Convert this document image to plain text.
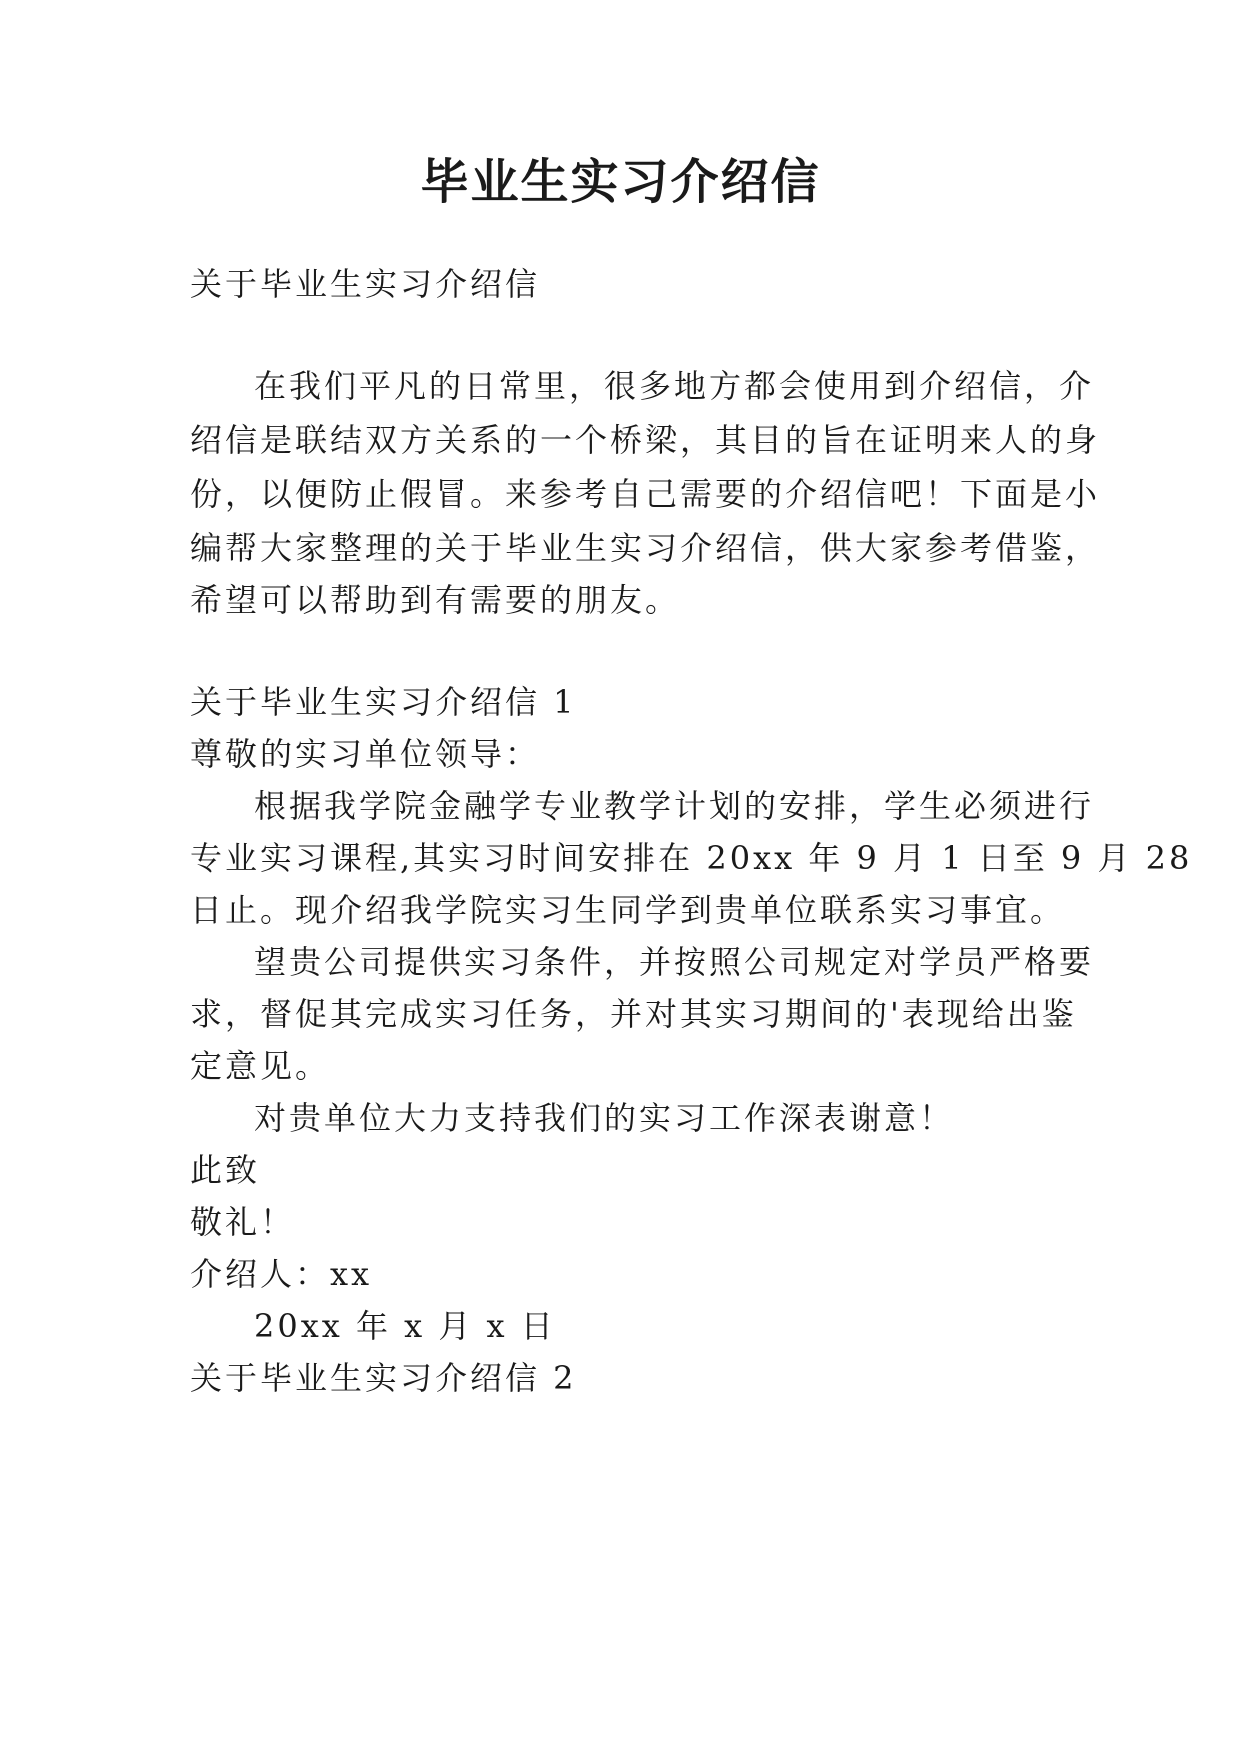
毕业生实习介绍信
关于毕业生实习介绍信
在我们平凡的日常里，很多地方都会使用到介绍信，介
绍信是联结双方关系的一个桥梁，其目的旨在证明来人的身
份，以便防止假冒。来参考自己需要的介绍信吧！下面是小
编帮大家整理的关于毕业生实习介绍信，供大家参考借鉴，
希望可以帮助到有需要的朋友。
关于毕业生实习介绍信 1
尊敬的实习单位领导：
根据我学院金融学专业教学计划的安排，学生必须进行
专业实习课程,其实习时间安排在 20xx 年 9 月 1 日至 9 月 28
日止。现介绍我学院实习生同学到贵单位联系实习事宜。
望贵公司提供实习条件，并按照公司规定对学员严格要
求，督促其完成实习任务，并对其实习期间的'表现给出鉴
定意见。
对贵单位大力支持我们的实习工作深表谢意！
此致
敬礼！
介绍人：xx
20xx 年 x 月 x 日
关于毕业生实习介绍信 2
